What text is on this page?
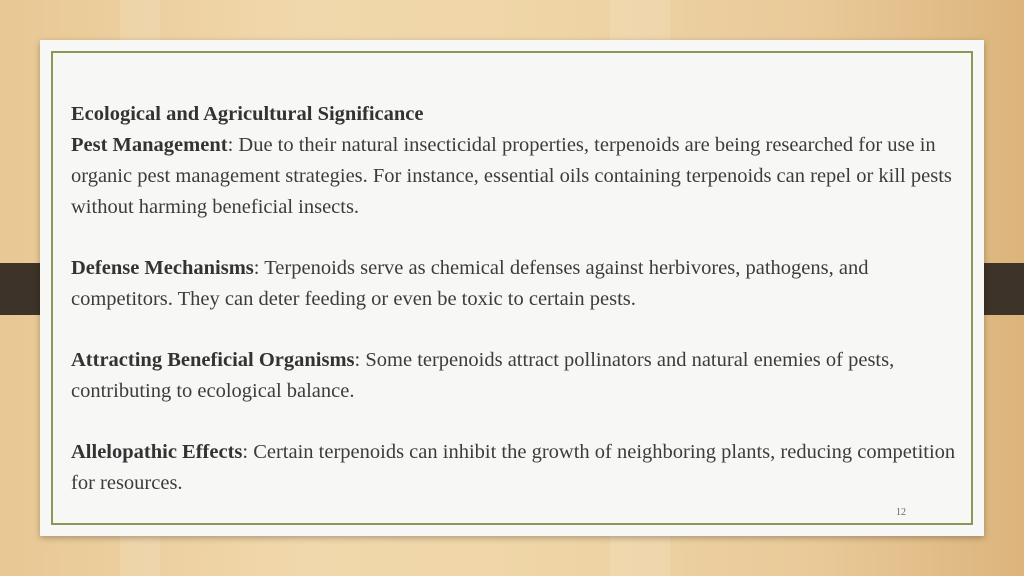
Ecological and Agricultural Significance

Pest Management: Due to their natural insecticidal properties, terpenoids are being researched for use in organic pest management strategies. For instance, essential oils containing terpenoids can repel or kill pests without harming beneficial insects.

Defense Mechanisms: Terpenoids serve as chemical defenses against herbivores, pathogens, and competitors. They can deter feeding or even be toxic to certain pests.

Attracting Beneficial Organisms: Some terpenoids attract pollinators and natural enemies of pests, contributing to ecological balance.

Allelopathic Effects: Certain terpenoids can inhibit the growth of neighboring plants, reducing competition for resources.

12
